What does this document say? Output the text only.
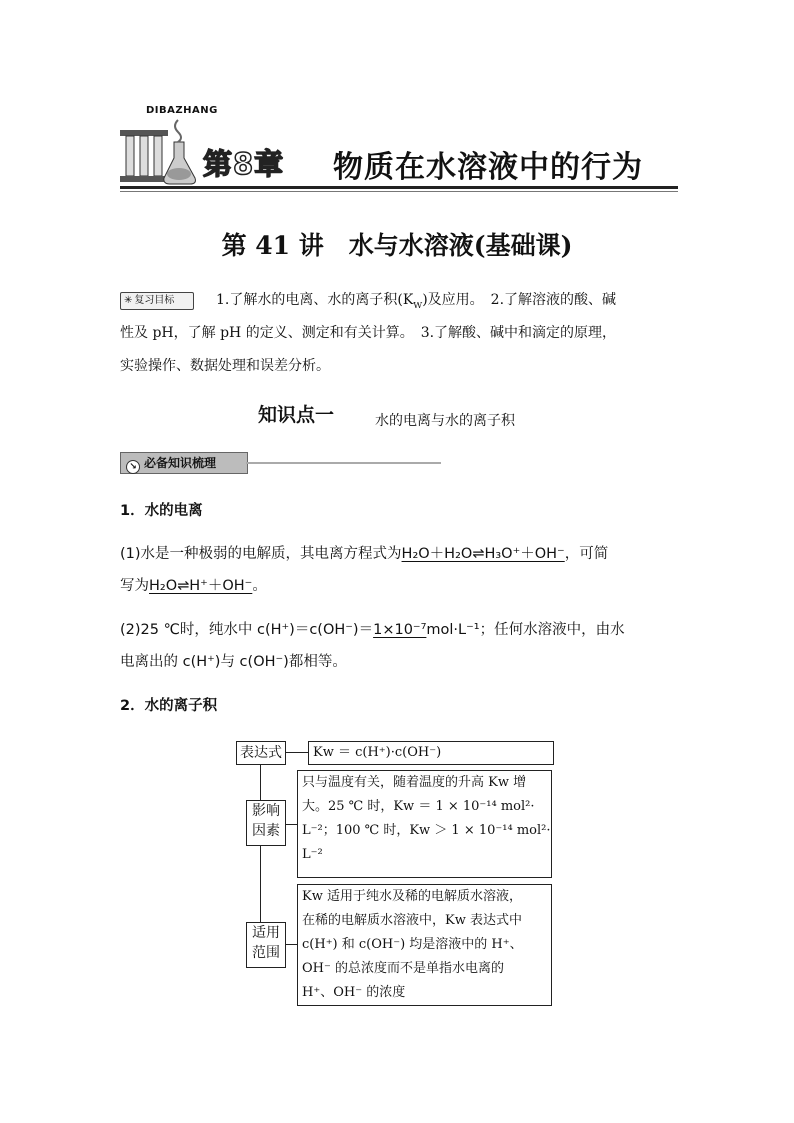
DIBAZHANG
第8章 物质在水溶液中的行为
第 41 讲　水与水溶液(基础课)
✳ 复习目标	1.了解水的电离、水的离子积$(K_W)$及应用。　2.了解溶液的酸、碱
性及 pH，了解 pH 的定义、测定和有关计算。　3.了解酸、碱中和滴定的原理，
实验操作、数据处理和误差分析。
知识点一	水的电离与水的离子积
↘ 必备知识梳理
1．水的电离
(1)水是一种极弱的电解质，其电离方程式为H₂O＋H₂O⇌H₃O⁺＋OH⁻，可简
写为H₂O⇌H⁺＋OH⁻。
(2)25 ℃时，纯水中 c(H⁺)＝c(OH⁻)＝1×10⁻⁷mol·L⁻¹；任何水溶液中，由水
电离出的 c(H⁺)与 c(OH⁻)都相等。
2．水的离子积
表达式	Kw ＝ c(H⁺)·c(OH⁻)
影响
因素
只与温度有关，随着温度的升高 Kw 增
大。25 ℃ 时，Kw ＝ 1 × 10⁻¹⁴ mol²·
L⁻²；100 ℃ 时，Kw ＞ 1 × 10⁻¹⁴ mol²·
L⁻²
适用
范围
Kw 适用于纯水及稀的电解质水溶液，
在稀的电解质水溶液中，Kw 表达式中
c(H⁺) 和 c(OH⁻) 均是溶液中的 H⁺、
OH⁻ 的总浓度而不是单指水电离的
H⁺、OH⁻ 的浓度
